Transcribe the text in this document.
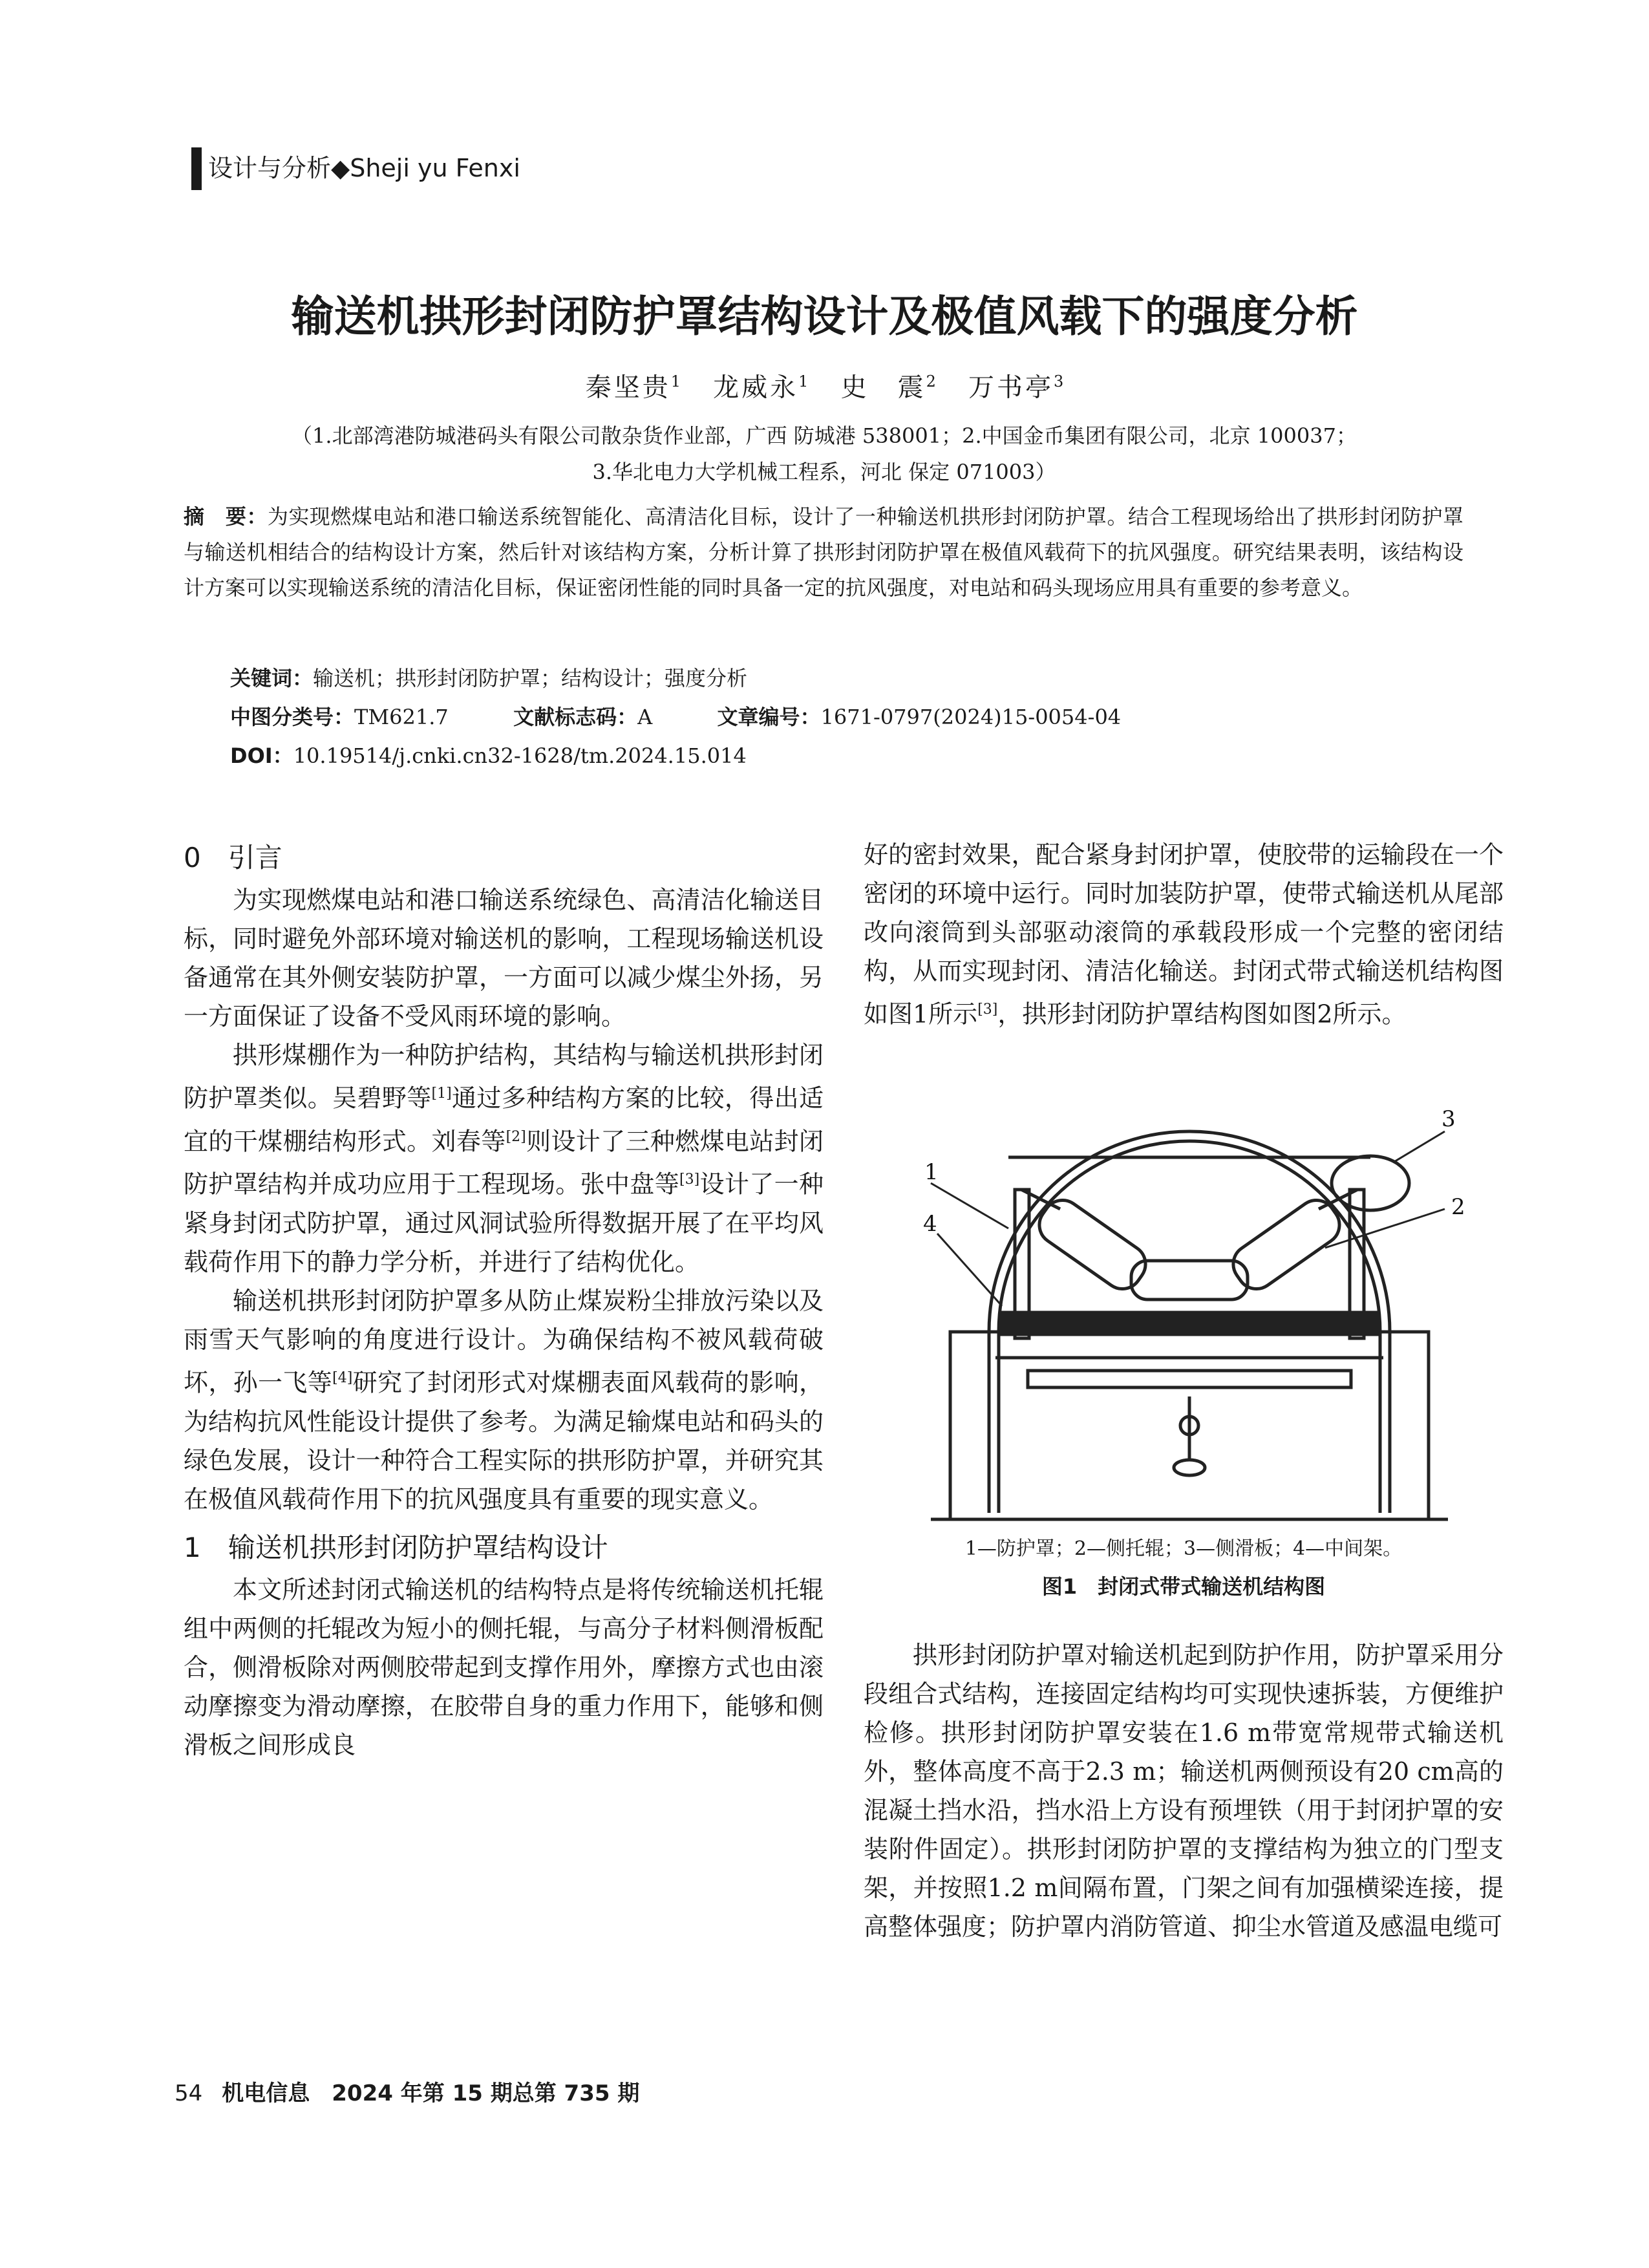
设计与分析◆Sheji yu Fenxi
输送机拱形封闭防护罩结构设计及极值风载下的强度分析
秦坚贵$^1$ 龙威永$^1$ 史　震$^2$ 万书亭$^3$
（1.北部湾港防城港码头有限公司散杂货作业部，广西 防城港 538001；2.中国金币集团有限公司，北京 100037；
3.华北电力大学机械工程系，河北 保定 071003）
摘　要：为实现燃煤电站和港口输送系统智能化、高清洁化目标，设计了一种输送机拱形封闭防护罩。结合工程现场给出了拱形封闭防护罩与输送机相结合的结构设计方案，然后针对该结构方案，分析计算了拱形封闭防护罩在极值风载荷下的抗风强度。研究结果表明，该结构设计方案可以实现输送系统的清洁化目标，保证密闭性能的同时具备一定的抗风强度，对电站和码头现场应用具有重要的参考意义。
关键词：输送机；拱形封闭防护罩；结构设计；强度分析
中图分类号：TM621.7	文献标志码：A	文章编号：1671-0797(2024)15-0054-04
DOI：10.19514/j.cnki.cn32-1628/tm.2024.15.014

0　引言

为实现燃煤电站和港口输送系统绿色、高清洁化输送目标，同时避免外部环境对输送机的影响，工程现场输送机设备通常在其外侧安装防护罩，一方面可以减少煤尘外扬，另一方面保证了设备不受风雨环境的影响。

拱形煤棚作为一种防护结构，其结构与输送机拱形封闭防护罩类似。吴碧野等[1]通过多种结构方案的比较，得出适宜的干煤棚结构形式。刘春等[2]则设计了三种燃煤电站封闭防护罩结构并成功应用于工程现场。张中盘等[3]设计了一种紧身封闭式防护罩，通过风洞试验所得数据开展了在平均风载荷作用下的静力学分析，并进行了结构优化。

输送机拱形封闭防护罩多从防止煤炭粉尘排放污染以及雨雪天气影响的角度进行设计。为确保结构不被风载荷破坏，孙一飞等[4]研究了封闭形式对煤棚表面风载荷的影响，为结构抗风性能设计提供了参考。为满足输煤电站和码头的绿色发展，设计一种符合工程实际的拱形防护罩，并研究其在极值风载荷作用下的抗风强度具有重要的现实意义。

1　输送机拱形封闭防护罩结构设计

本文所述封闭式输送机的结构特点是将传统输送机托辊组中两侧的托辊改为短小的侧托辊，与高分子材料侧滑板配合，侧滑板除对两侧胶带起到支撑作用外，摩擦方式也由滚动摩擦变为滑动摩擦，在胶带自身的重力作用下，能够和侧滑板之间形成良

好的密封效果，配合紧身封闭护罩，使胶带的运输段在一个密闭的环境中运行。同时加装防护罩，使带式输送机从尾部改向滚筒到头部驱动滚筒的承载段形成一个完整的密闭结构，从而实现封闭、清洁化输送。封闭式带式输送机结构图如图1所示[3]，拱形封闭防护罩结构图如图2所示。

1
2
3
4
1—防护罩；2—侧托辊；3—侧滑板；4—中间架。
图1　封闭式带式输送机结构图

拱形封闭防护罩对输送机起到防护作用，防护罩采用分段组合式结构，连接固定结构均可实现快速拆装，方便维护检修。拱形封闭防护罩安装在1.6 m带宽常规带式输送机外，整体高度不高于2.3 m；输送机两侧预设有20 cm高的混凝土挡水沿，挡水沿上方设有预埋铁（用于封闭护罩的安装附件固定）。拱形封闭防护罩的支撑结构为独立的门型支架，并按照1.2 m间隔布置，门架之间有加强横梁连接，提高整体强度；防护罩内消防管道、抑尘水管道及感温电缆可

54 机电信息　2024 年第 15 期总第 735 期
